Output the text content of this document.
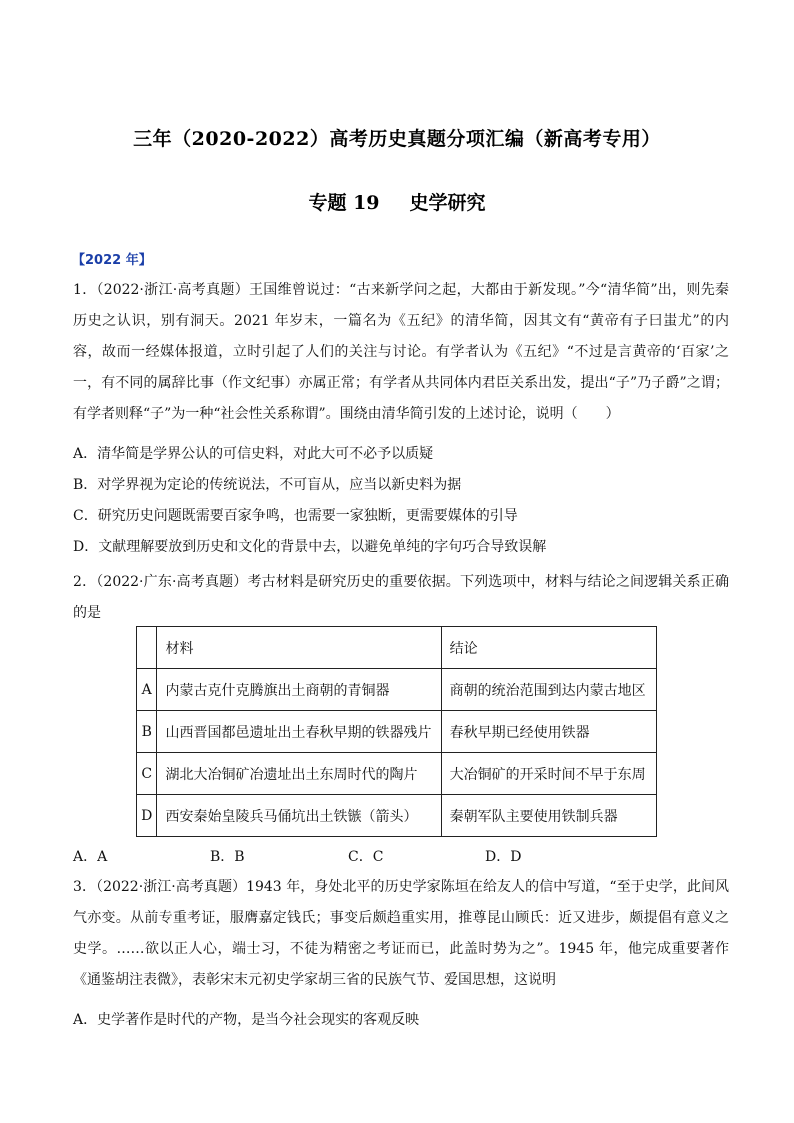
三年（2020-2022）高考历史真题分项汇编（新高考专用）
专题 19 史学研究
【2022 年】
1．（2022·浙江·高考真题）王国维曾说过：“古来新学问之起，大都由于新发现。”今“清华简”出，则先秦历史之认识，别有洞天。2021 年岁末，一篇名为《五纪》的清华简，因其文有“黄帝有子曰蚩尤”的内容，故而一经媒体报道，立时引起了人们的关注与讨论。有学者认为《五纪》“不过是言黄帝的‘百家’之一，有不同的属辞比事（作文纪事）亦属正常；有学者从共同体内君臣关系出发，提出“子”乃子爵”之谓；有学者则释“子”为一种“社会性关系称谓”。围绕由清华简引发的上述讨论，说明（　　）
A．清华简是学界公认的可信史料，对此大可不必予以质疑
B．对学界视为定论的传统说法，不可盲从，应当以新史料为据
C．研究历史问题既需要百家争鸣，也需要一家独断，更需要媒体的引导
D．文献理解要放到历史和文化的背景中去，以避免单纯的字句巧合导致误解
2．（2022·广东·高考真题）考古材料是研究历史的重要依据。下列选项中，材料与结论之间逻辑关系正确的是
	材料	结论
A	内蒙古克什克腾旗出土商朝的青铜器	商朝的统治范围到达内蒙古地区
B	山西晋国都邑遗址出土春秋早期的铁器残片	春秋早期已经使用铁器
C	湖北大冶铜矿冶遗址出土东周时代的陶片	大冶铜矿的开采时间不早于东周
D	西安秦始皇陵兵马俑坑出土铁镞（箭头）	秦朝军队主要使用铁制兵器
A．A	B．B	C．C	D．D
3．（2022·浙江·高考真题）1943 年，身处北平的历史学家陈垣在给友人的信中写道，“至于史学，此间风气亦变。从前专重考证，服膺嘉定钱氏；事变后颇趋重实用，推尊昆山顾氏：近又进步，颇提倡有意义之史学。……欲以正人心，端士习，不徒为精密之考证而已，此盖时势为之”。1945 年，他完成重要著作《通鉴胡注表微》，表彰宋末元初史学家胡三省的民族气节、爱国思想，这说明
A．史学著作是时代的产物，是当今社会现实的客观反映
